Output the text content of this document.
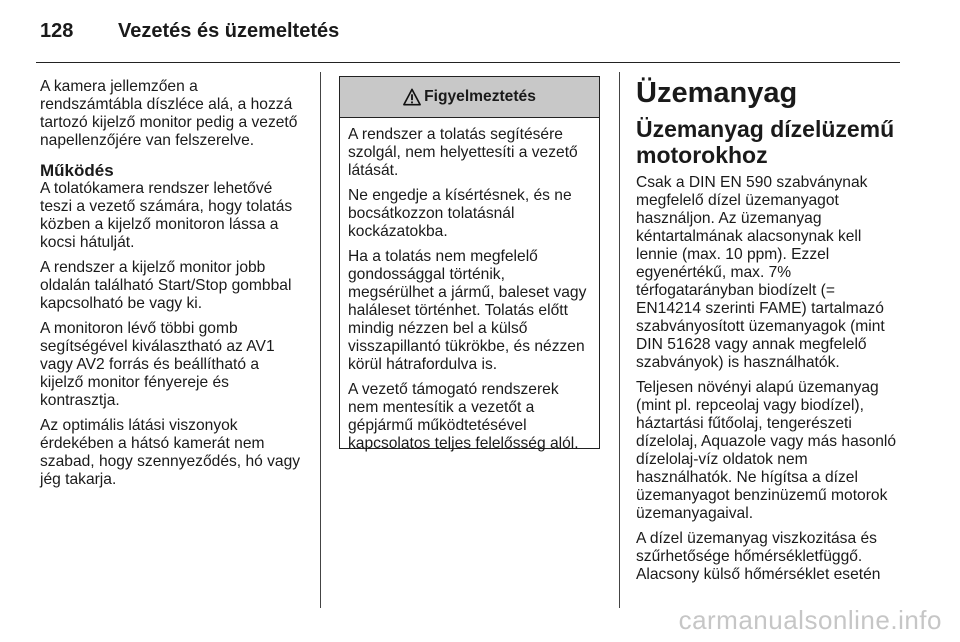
128 Vezetés és üzemeltetés

A kamera jellemzően a
rendszámtábla díszléce alá, a hozzá
tartozó kijelző monitor pedig a vezető
napellenzőjére van felszerelve.

Működés

A tolatókamera rendszer lehetővé
teszi a vezető számára, hogy tolatás
közben a kijelző monitoron lássa a
kocsi hátulját.

A rendszer a kijelző monitor jobb
oldalán található Start/Stop gombbal
kapcsolható be vagy ki.

A monitoron lévő többi gomb
segítségével kiválasztható az AV1
vagy AV2 forrás és beállítható a
kijelző monitor fényereje és
kontrasztja.

Az optimális látási viszonyok
érdekében a hátsó kamerát nem
szabad, hogy szennyeződés, hó vagy
jég takarja.

Figyelmeztetés

A rendszer a tolatás segítésére
szolgál, nem helyettesíti a vezető
látását.

Ne engedje a kísértésnek, és ne
bocsátkozzon tolatásnál
kockázatokba.

Ha a tolatás nem megfelelő
gondossággal történik,
megsérülhet a jármű, baleset vagy
haláleset történhet. Tolatás előtt
mindig nézzen bel a külső
visszapillantó tükrökbe, és nézzen
körül hátrafordulva is.

A vezető támogató rendszerek
nem mentesítik a vezetőt a
gépjármű működtetésével
kapcsolatos teljes felelősség alól.

Üzemanyag
Üzemanyag dízelüzemű
motorokhoz

Csak a DIN EN 590 szabványnak
megfelelő dízel üzemanyagot
használjon. Az üzemanyag
kéntartalmának alacsonynak kell
lennie (max. 10 ppm). Ezzel
egyenértékű, max. 7%
térfogatarányban biodízelt (=
EN14214 szerinti FAME) tartalmazó
szabványosított üzemanyagok (mint
DIN 51628 vagy annak megfelelő
szabványok) is használhatók.

Teljesen növényi alapú üzemanyag
(mint pl. repceolaj vagy biodízel),
háztartási fűtőolaj, tengerészeti
dízelolaj, Aquazole vagy más hasonló
dízelolaj-víz oldatok nem
használhatók. Ne hígítsa a dízel
üzemanyagot benzinüzemű motorok
üzemanyagaival.

A dízel üzemanyag viszkozitása és
szűrhetősége hőmérsékletfüggő.
Alacsony külső hőmérséklet esetén

carmanualsonline.info
